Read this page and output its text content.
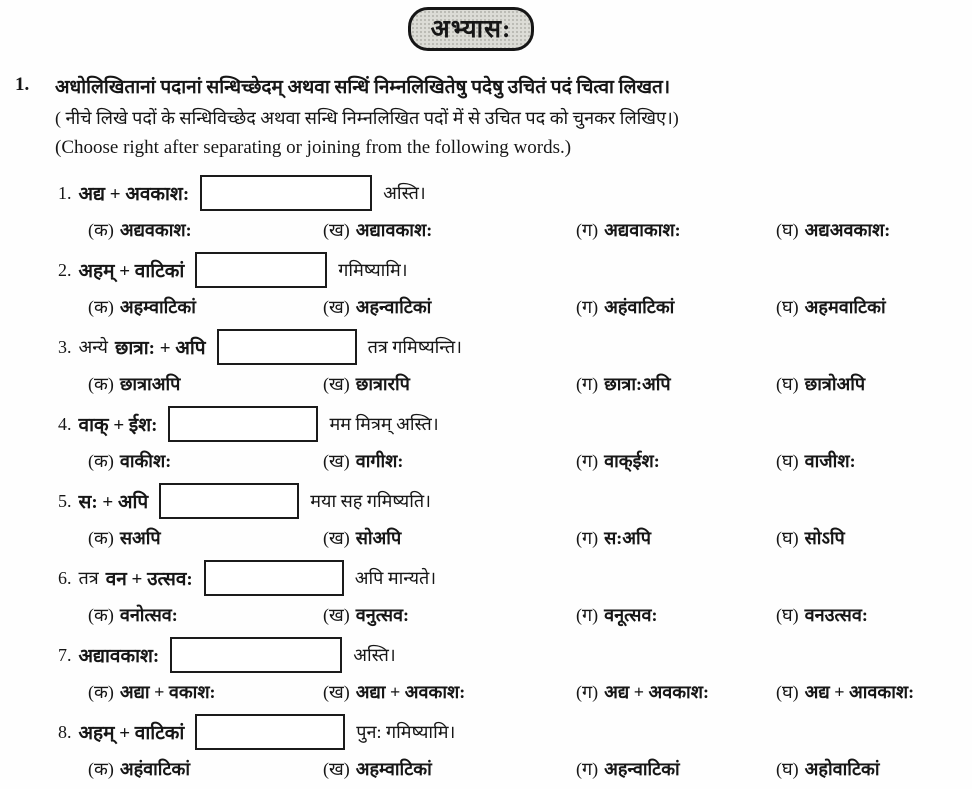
अभ्यास:
1.	अधोलिखितानां पदानां सन्धिच्छेदम् अथवा सन्धिं निम्नलिखितेषु पदेषु उचितं पदं चित्वा लिखत।
( नीचे लिखे पदों के सन्धिविच्छेद अथवा सन्धि निम्नलिखित पदों में से उचित पद को चुनकर लिखिए।)
(Choose right after separating or joining from the following words.)
1. अद्य + अवकाश:	अस्ति।
(क) अद्यवकाश:	(ख) अद्यावकाश:	(ग) अद्यवाकाश:	(घ) अद्यअवकाश:
2. अहम् + वाटिकां	गमिष्यामि।
(क) अहम्वाटिकां	(ख) अहन्वाटिकां	(ग) अहंवाटिकां	(घ) अहमवाटिकां
3. अन्ये छात्रा: + अपि	तत्र गमिष्यन्ति।
(क) छात्राअपि	(ख) छात्रारपि	(ग) छात्रा:अपि	(घ) छात्रोअपि
4. वाक् + ईश:	मम मित्रम् अस्ति।
(क) वाकीश:	(ख) वागीश:	(ग) वाक्ईश:	(घ) वाजीश:
5. स: + अपि	मया सह गमिष्यति।
(क) सअपि	(ख) सोअपि	(ग) स:अपि	(घ) सोऽपि
6. तत्र वन + उत्सव:	अपि मान्यते।
(क) वनोत्सव:	(ख) वनुत्सव:	(ग) वनूत्सव:	(घ) वनउत्सव:
7. अद्यावकाश:	अस्ति।
(क) अद्या + वकाश:	(ख) अद्या + अवकाश:	(ग) अद्य + अवकाश:	(घ) अद्य + आवकाश:
8. अहम् + वाटिकां	पुन: गमिष्यामि।
(क) अहंवाटिकां	(ख) अहम्वाटिकां	(ग) अहन्वाटिकां	(घ) अहोवाटिकां
